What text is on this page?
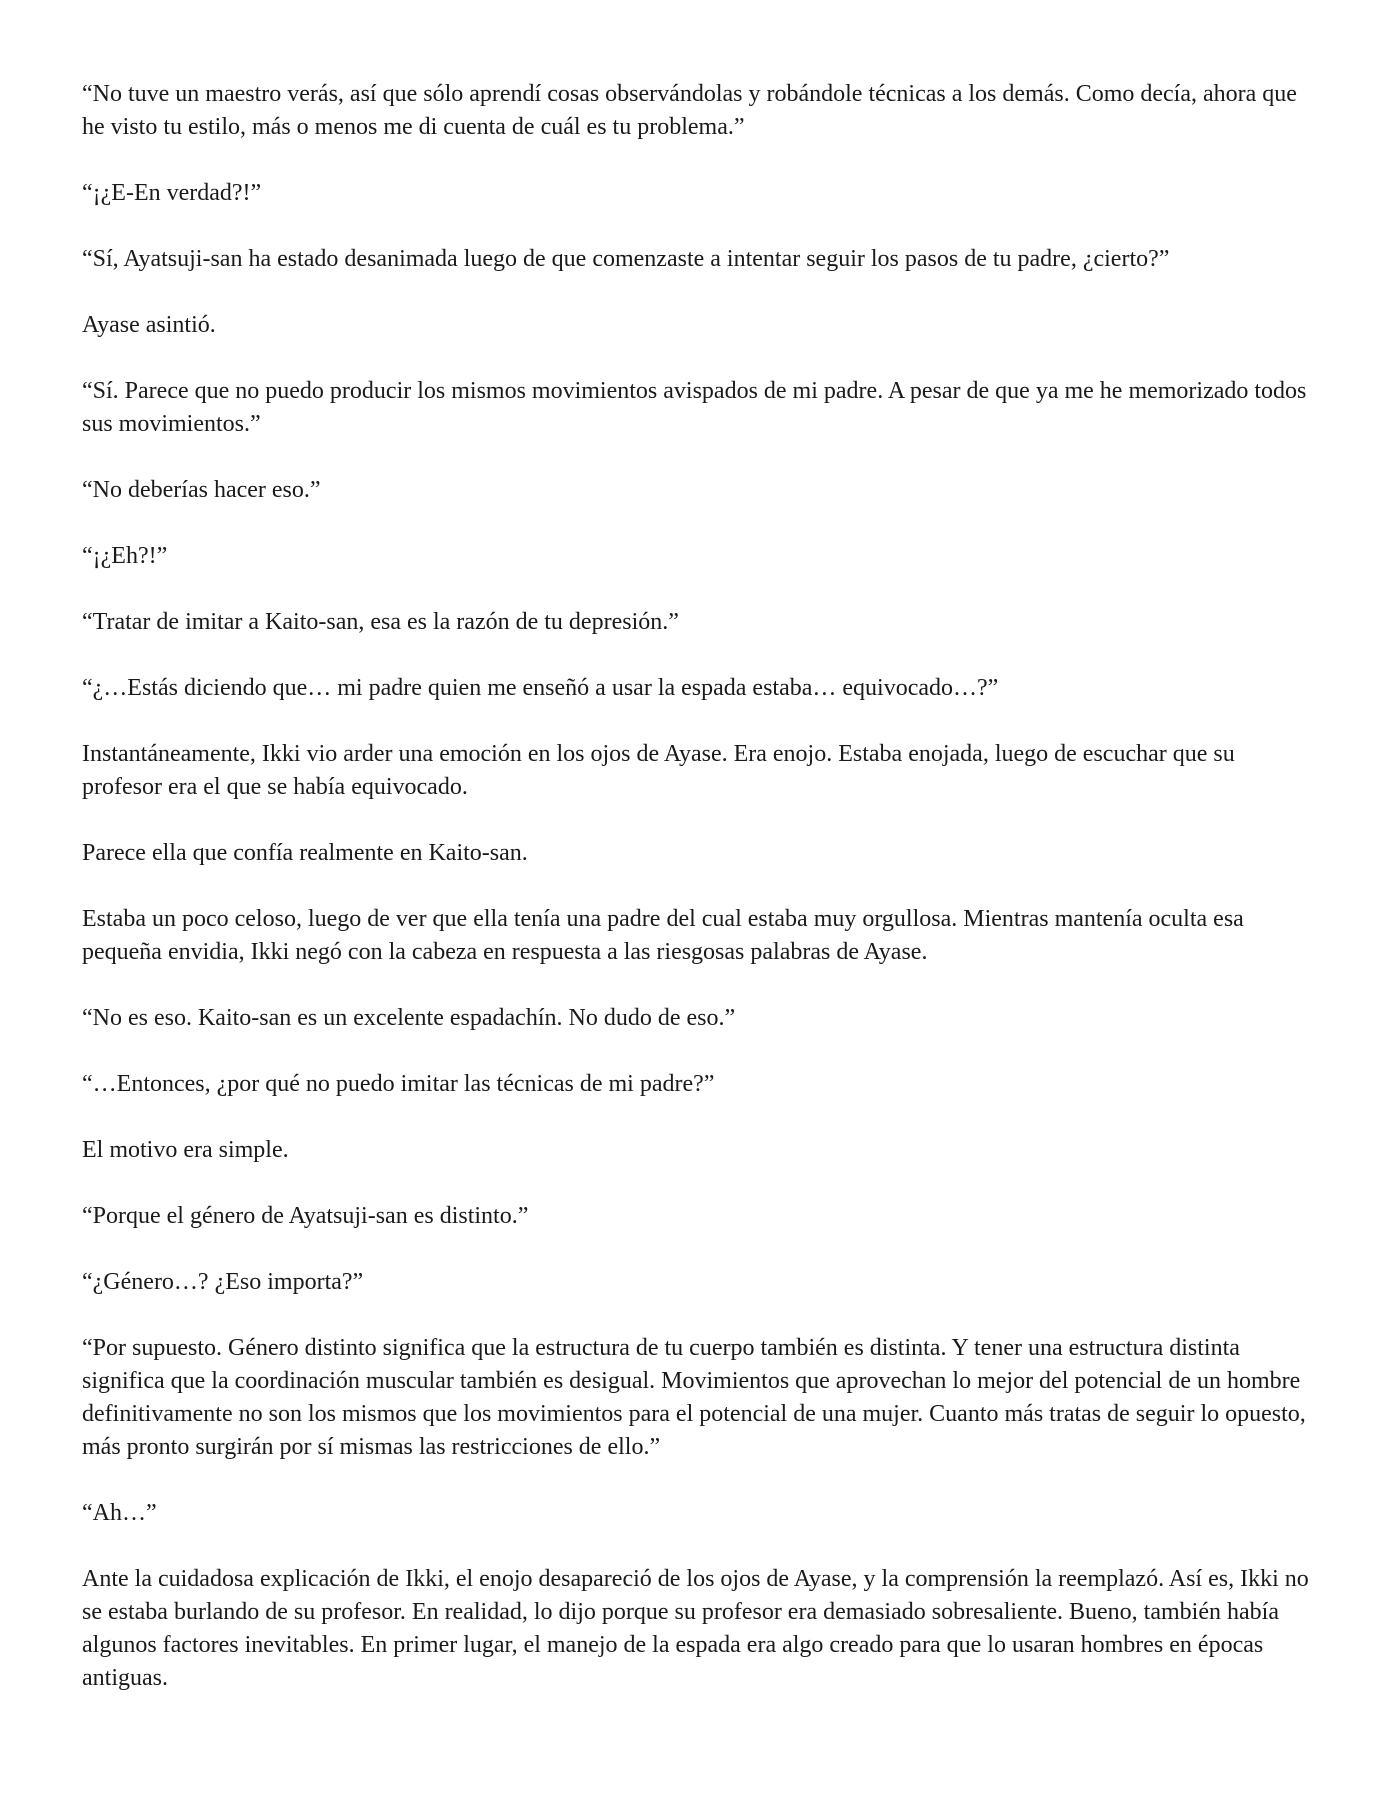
“No tuve un maestro verás, así que sólo aprendí cosas observándolas y robándole técnicas a los demás. Como decía, ahora que he visto tu estilo, más o menos me di cuenta de cuál es tu problema.”

“¡¿E-En verdad?!”

“Sí, Ayatsuji-san ha estado desanimada luego de que comenzaste a intentar seguir los pasos de tu padre, ¿cierto?”

Ayase asintió.

“Sí. Parece que no puedo producir los mismos movimientos avispados de mi padre. A pesar de que ya me he memorizado todos sus movimientos.”

“No deberías hacer eso.”

“¡¿Eh?!”

“Tratar de imitar a Kaito-san, esa es la razón de tu depresión.”

“¿…Estás diciendo que… mi padre quien me enseñó a usar la espada estaba… equivocado…?”

Instantáneamente, Ikki vio arder una emoción en los ojos de Ayase. Era enojo. Estaba enojada, luego de escuchar que su profesor era el que se había equivocado.

Parece ella que confía realmente en Kaito-san.

Estaba un poco celoso, luego de ver que ella tenía una padre del cual estaba muy orgullosa. Mientras mantenía oculta esa pequeña envidia, Ikki negó con la cabeza en respuesta a las riesgosas palabras de Ayase.

“No es eso. Kaito-san es un excelente espadachín. No dudo de eso.”

“…Entonces, ¿por qué no puedo imitar las técnicas de mi padre?”

El motivo era simple.

“Porque el género de Ayatsuji-san es distinto.”

“¿Género…? ¿Eso importa?”

“Por supuesto. Género distinto significa que la estructura de tu cuerpo también es distinta. Y tener una estructura distinta significa que la coordinación muscular también es desigual. Movimientos que aprovechan lo mejor del potencial de un hombre definitivamente no son los mismos que los movimientos para el potencial de una mujer. Cuanto más tratas de seguir lo opuesto, más pronto surgirán por sí mismas las restricciones de ello.”

“Ah…”

Ante la cuidadosa explicación de Ikki, el enojo desapareció de los ojos de Ayase, y la comprensión la reemplazó. Así es, Ikki no se estaba burlando de su profesor. En realidad, lo dijo porque su profesor era demasiado sobresaliente. Bueno, también había algunos factores inevitables. En primer lugar, el manejo de la espada era algo creado para que lo usaran hombres en épocas antiguas.
